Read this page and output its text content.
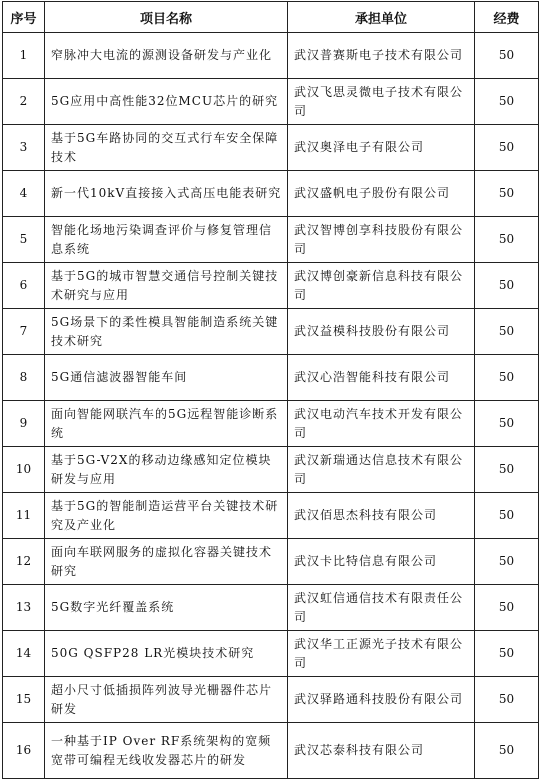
序号	项目名称	承担单位	经费
1	窄脉冲大电流的源测设备研发与产业化	武汉普赛斯电子技术有限公司	50
2	5G应用中高性能32位MCU芯片的研究	武汉飞思灵微电子技术有限公司	50
3	基于5G车路协同的交互式行车安全保障技术	武汉奥泽电子有限公司	50
4	新一代10kV直接接入式高压电能表研究	武汉盛帆电子股份有限公司	50
5	智能化场地污染调查评价与修复管理信息系统	武汉智博创享科技股份有限公司	50
6	基于5G的城市智慧交通信号控制关键技术研究与应用	武汉博创豪新信息科技有限公司	50
7	5G场景下的柔性模具智能制造系统关键技术研究	武汉益模科技股份有限公司	50
8	5G通信滤波器智能车间	武汉心浩智能科技有限公司	50
9	面向智能网联汽车的5G远程智能诊断系统	武汉电动汽车技术开发有限公司	50
10	基于5G-V2X的移动边缘感知定位模块研发与应用	武汉新瑞通达信息技术有限公司	50
11	基于5G的智能制造运营平台关键技术研究及产业化	武汉佰思杰科技有限公司	50
12	面向车联网服务的虚拟化容器关键技术研究	武汉卡比特信息有限公司	50
13	5G数字光纤覆盖系统	武汉虹信通信技术有限责任公司	50
14	50G QSFP28 LR光模块技术研究	武汉华工正源光子技术有限公司	50
15	超小尺寸低插损阵列波导光栅器件芯片研发	武汉驿路通科技股份有限公司	50
16	一种基于IP Over RF系统架构的宽频宽带可编程无线收发器芯片的研发	武汉芯泰科技有限公司	50
